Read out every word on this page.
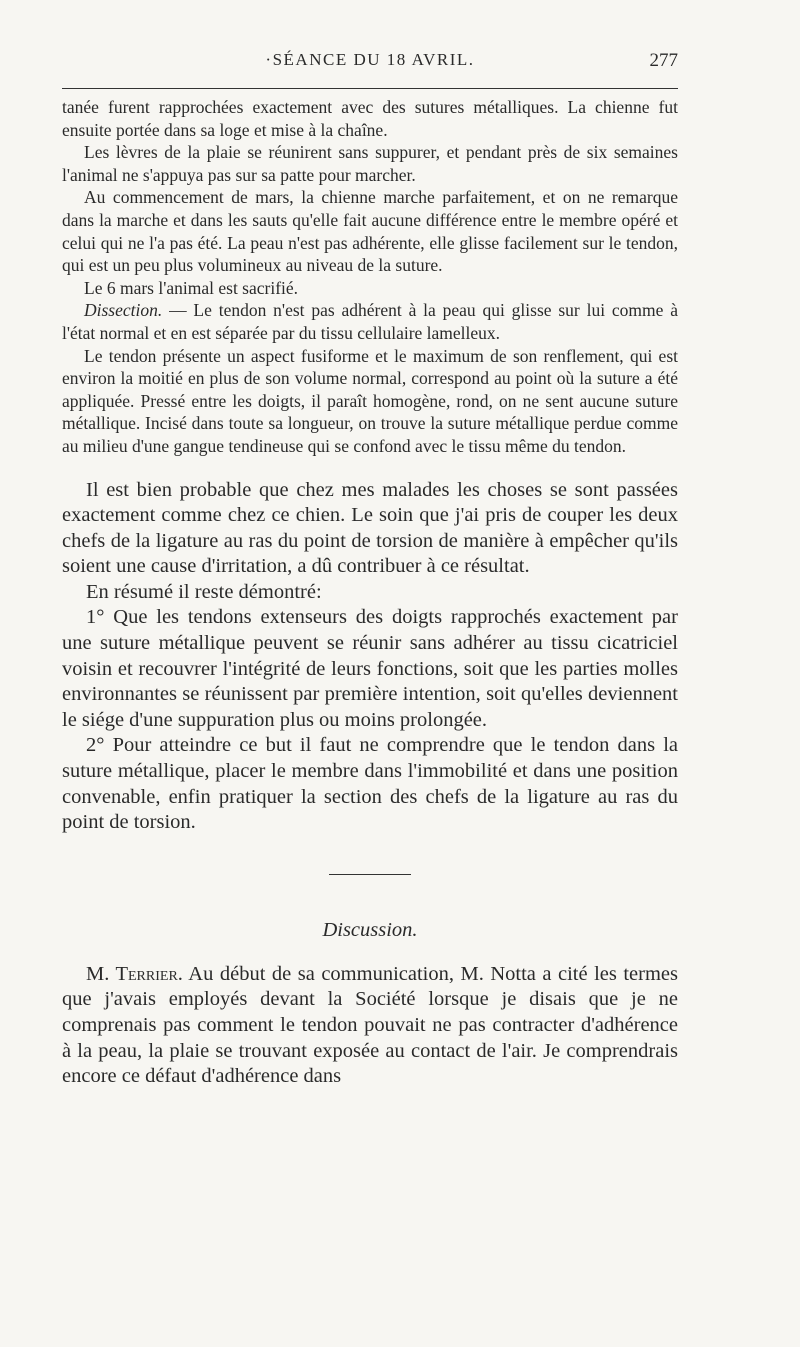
·SÉANCE DU 18 AVRIL.	277

tanée furent rapprochées exactement avec des sutures métalliques. La chienne fut ensuite portée dans sa loge et mise à la chaîne.

Les lèvres de la plaie se réunirent sans suppurer, et pendant près de six semaines l'animal ne s'appuya pas sur sa patte pour marcher.

Au commencement de mars, la chienne marche parfaitement, et on ne remarque dans la marche et dans les sauts qu'elle fait aucune différence entre le membre opéré et celui qui ne l'a pas été. La peau n'est pas adhérente, elle glisse facilement sur le tendon, qui est un peu plus volumineux au niveau de la suture.

Le 6 mars l'animal est sacrifié.

Dissection. — Le tendon n'est pas adhérent à la peau qui glisse sur lui comme à l'état normal et en est séparée par du tissu cellulaire lamelleux.

Le tendon présente un aspect fusiforme et le maximum de son renflement, qui est environ la moitié en plus de son volume normal, correspond au point où la suture a été appliquée. Pressé entre les doigts, il paraît homogène, rond, on ne sent aucune suture métallique. Incisé dans toute sa longueur, on trouve la suture métallique perdue comme au milieu d'une gangue tendineuse qui se confond avec le tissu même du tendon.

Il est bien probable que chez mes malades les choses se sont passées exactement comme chez ce chien. Le soin que j'ai pris de couper les deux chefs de la ligature au ras du point de torsion de manière à empêcher qu'ils soient une cause d'irritation, a dû contribuer à ce résultat.

En résumé il reste démontré:

1° Que les tendons extenseurs des doigts rapprochés exactement par une suture métallique peuvent se réunir sans adhérer au tissu cicatriciel voisin et recouvrer l'intégrité de leurs fonctions, soit que les parties molles environnantes se réunissent par première intention, soit qu'elles deviennent le siége d'une suppuration plus ou moins prolongée.

2° Pour atteindre ce but il faut ne comprendre que le tendon dans la suture métallique, placer le membre dans l'immobilité et dans une position convenable, enfin pratiquer la section des chefs de la ligature au ras du point de torsion.

Discussion.

M. Terrier. Au début de sa communication, M. Notta a cité les termes que j'avais employés devant la Société lorsque je disais que je ne comprenais pas comment le tendon pouvait ne pas contracter d'adhérence à la peau, la plaie se trouvant exposée au contact de l'air. Je comprendrais encore ce défaut d'adhérence dans
